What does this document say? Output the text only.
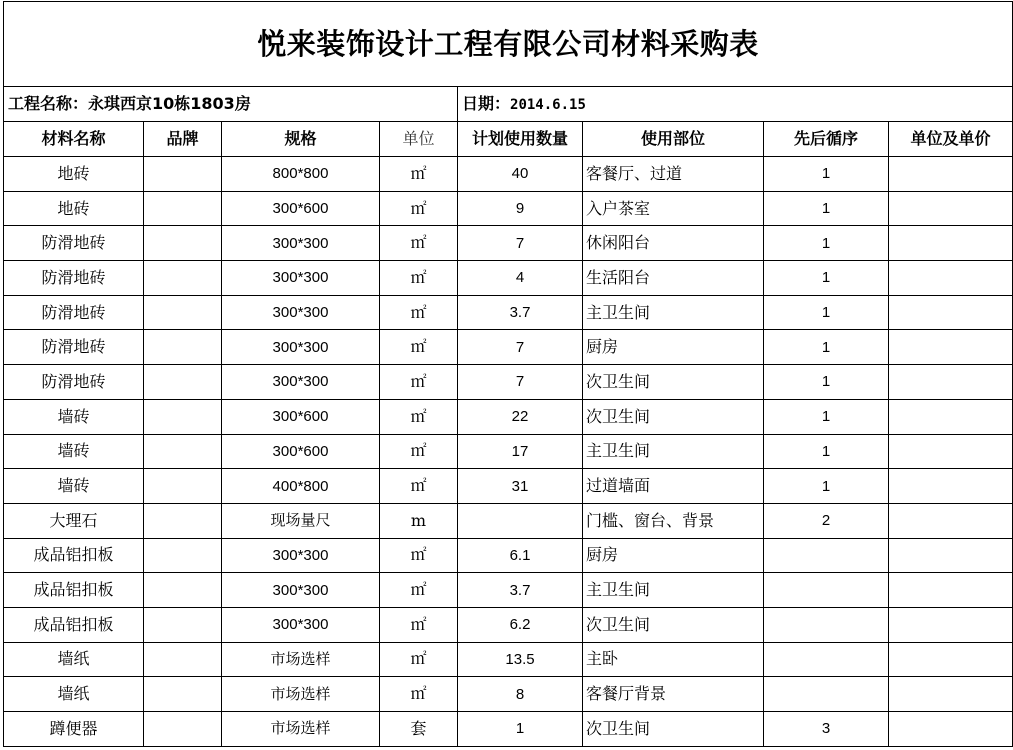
悦来装饰设计工程有限公司材料采购表							
工程名称：永琪西京10栋1803房				日期：2014.6.15			
材料名称	品牌	规格	单位	计划使用数量	使用部位	先后循序	单位及单价
地砖		800*800	㎡	40	客餐厅、过道	1	
地砖		300*600	㎡	9	入户茶室	1	
防滑地砖		300*300	㎡	7	休闲阳台	1	
防滑地砖		300*300	㎡	4	生活阳台	1	
防滑地砖		300*300	㎡	3.7	主卫生间	1	
防滑地砖		300*300	㎡	7	厨房	1	
防滑地砖		300*300	㎡	7	次卫生间	1	
墙砖		300*600	㎡	22	次卫生间	1	
墙砖		300*600	㎡	17	主卫生间	1	
墙砖		400*800	㎡	31	过道墙面	1	
大理石		现场量尺	m		门槛、窗台、背景	2	
成品铝扣板		300*300	㎡	6.1	厨房		
成品铝扣板		300*300	㎡	3.7	主卫生间		
成品铝扣板		300*300	㎡	6.2	次卫生间		
墙纸		市场选样	㎡	13.5	主卧		
墙纸		市场选样	㎡	8	客餐厅背景		
蹲便器		市场选样	套	1	次卫生间	3	
